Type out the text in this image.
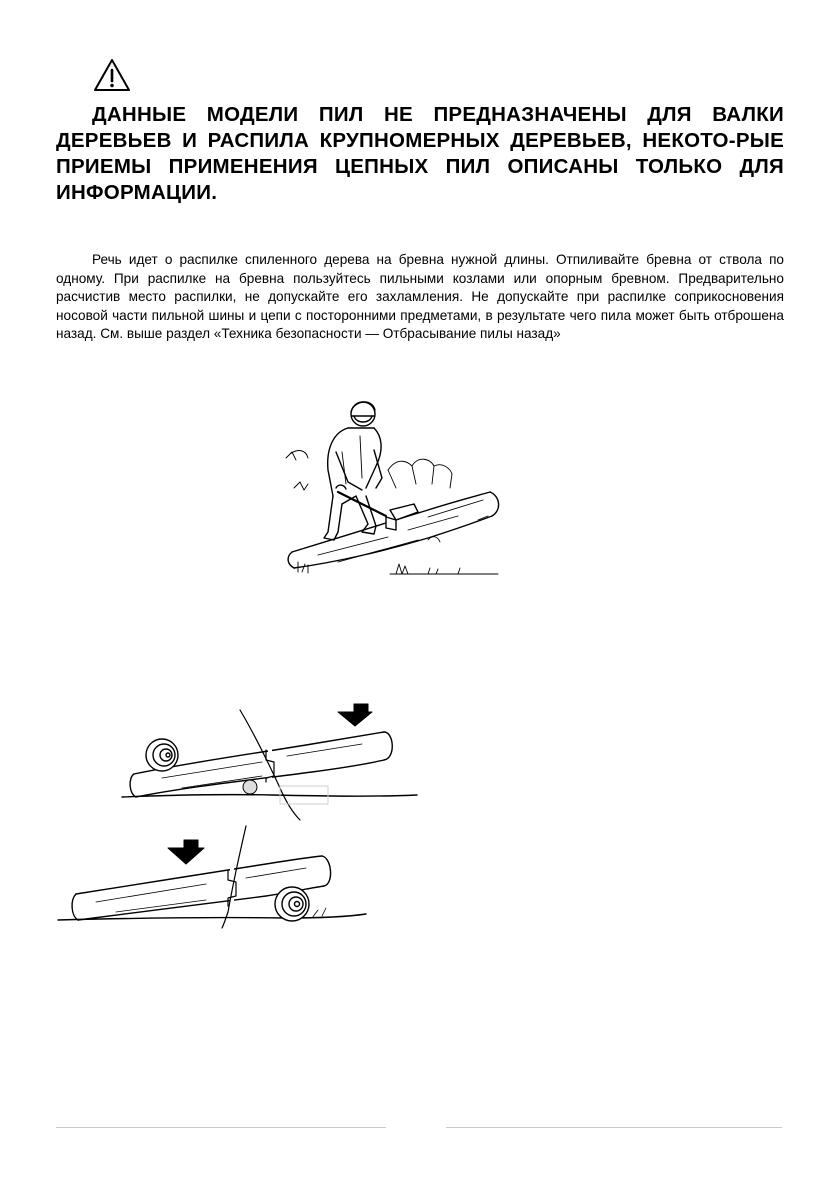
ДАННЫЕ МОДЕЛИ ПИЛ НЕ ПРЕДНАЗНАЧЕНЫ ДЛЯ ВАЛКИ ДЕРЕВЬЕВ И РАСПИЛА КРУПНОМЕРНЫХ ДЕРЕВЬЕВ, НЕКОТО-РЫЕ ПРИЕМЫ ПРИМЕНЕНИЯ ЦЕПНЫХ ПИЛ ОПИСАНЫ ТОЛЬКО ДЛЯ ИНФОРМАЦИИ.

Речь идет о распилке спиленного дерева на бревна нужной длины. Отпиливайте бревна от ствола по одному. При распилке на бревна пользуйтесь пильными козлами или опорным бревном. Предварительно расчистив место распилки, не допускайте его захламления. Не допускайте при распилке соприкосновения носовой части пильной шины и цепи с посторонними предметами, в результате чего пила может быть отброшена назад. См. выше раздел «Техника безопасности — Отбрасывание пилы назад»
